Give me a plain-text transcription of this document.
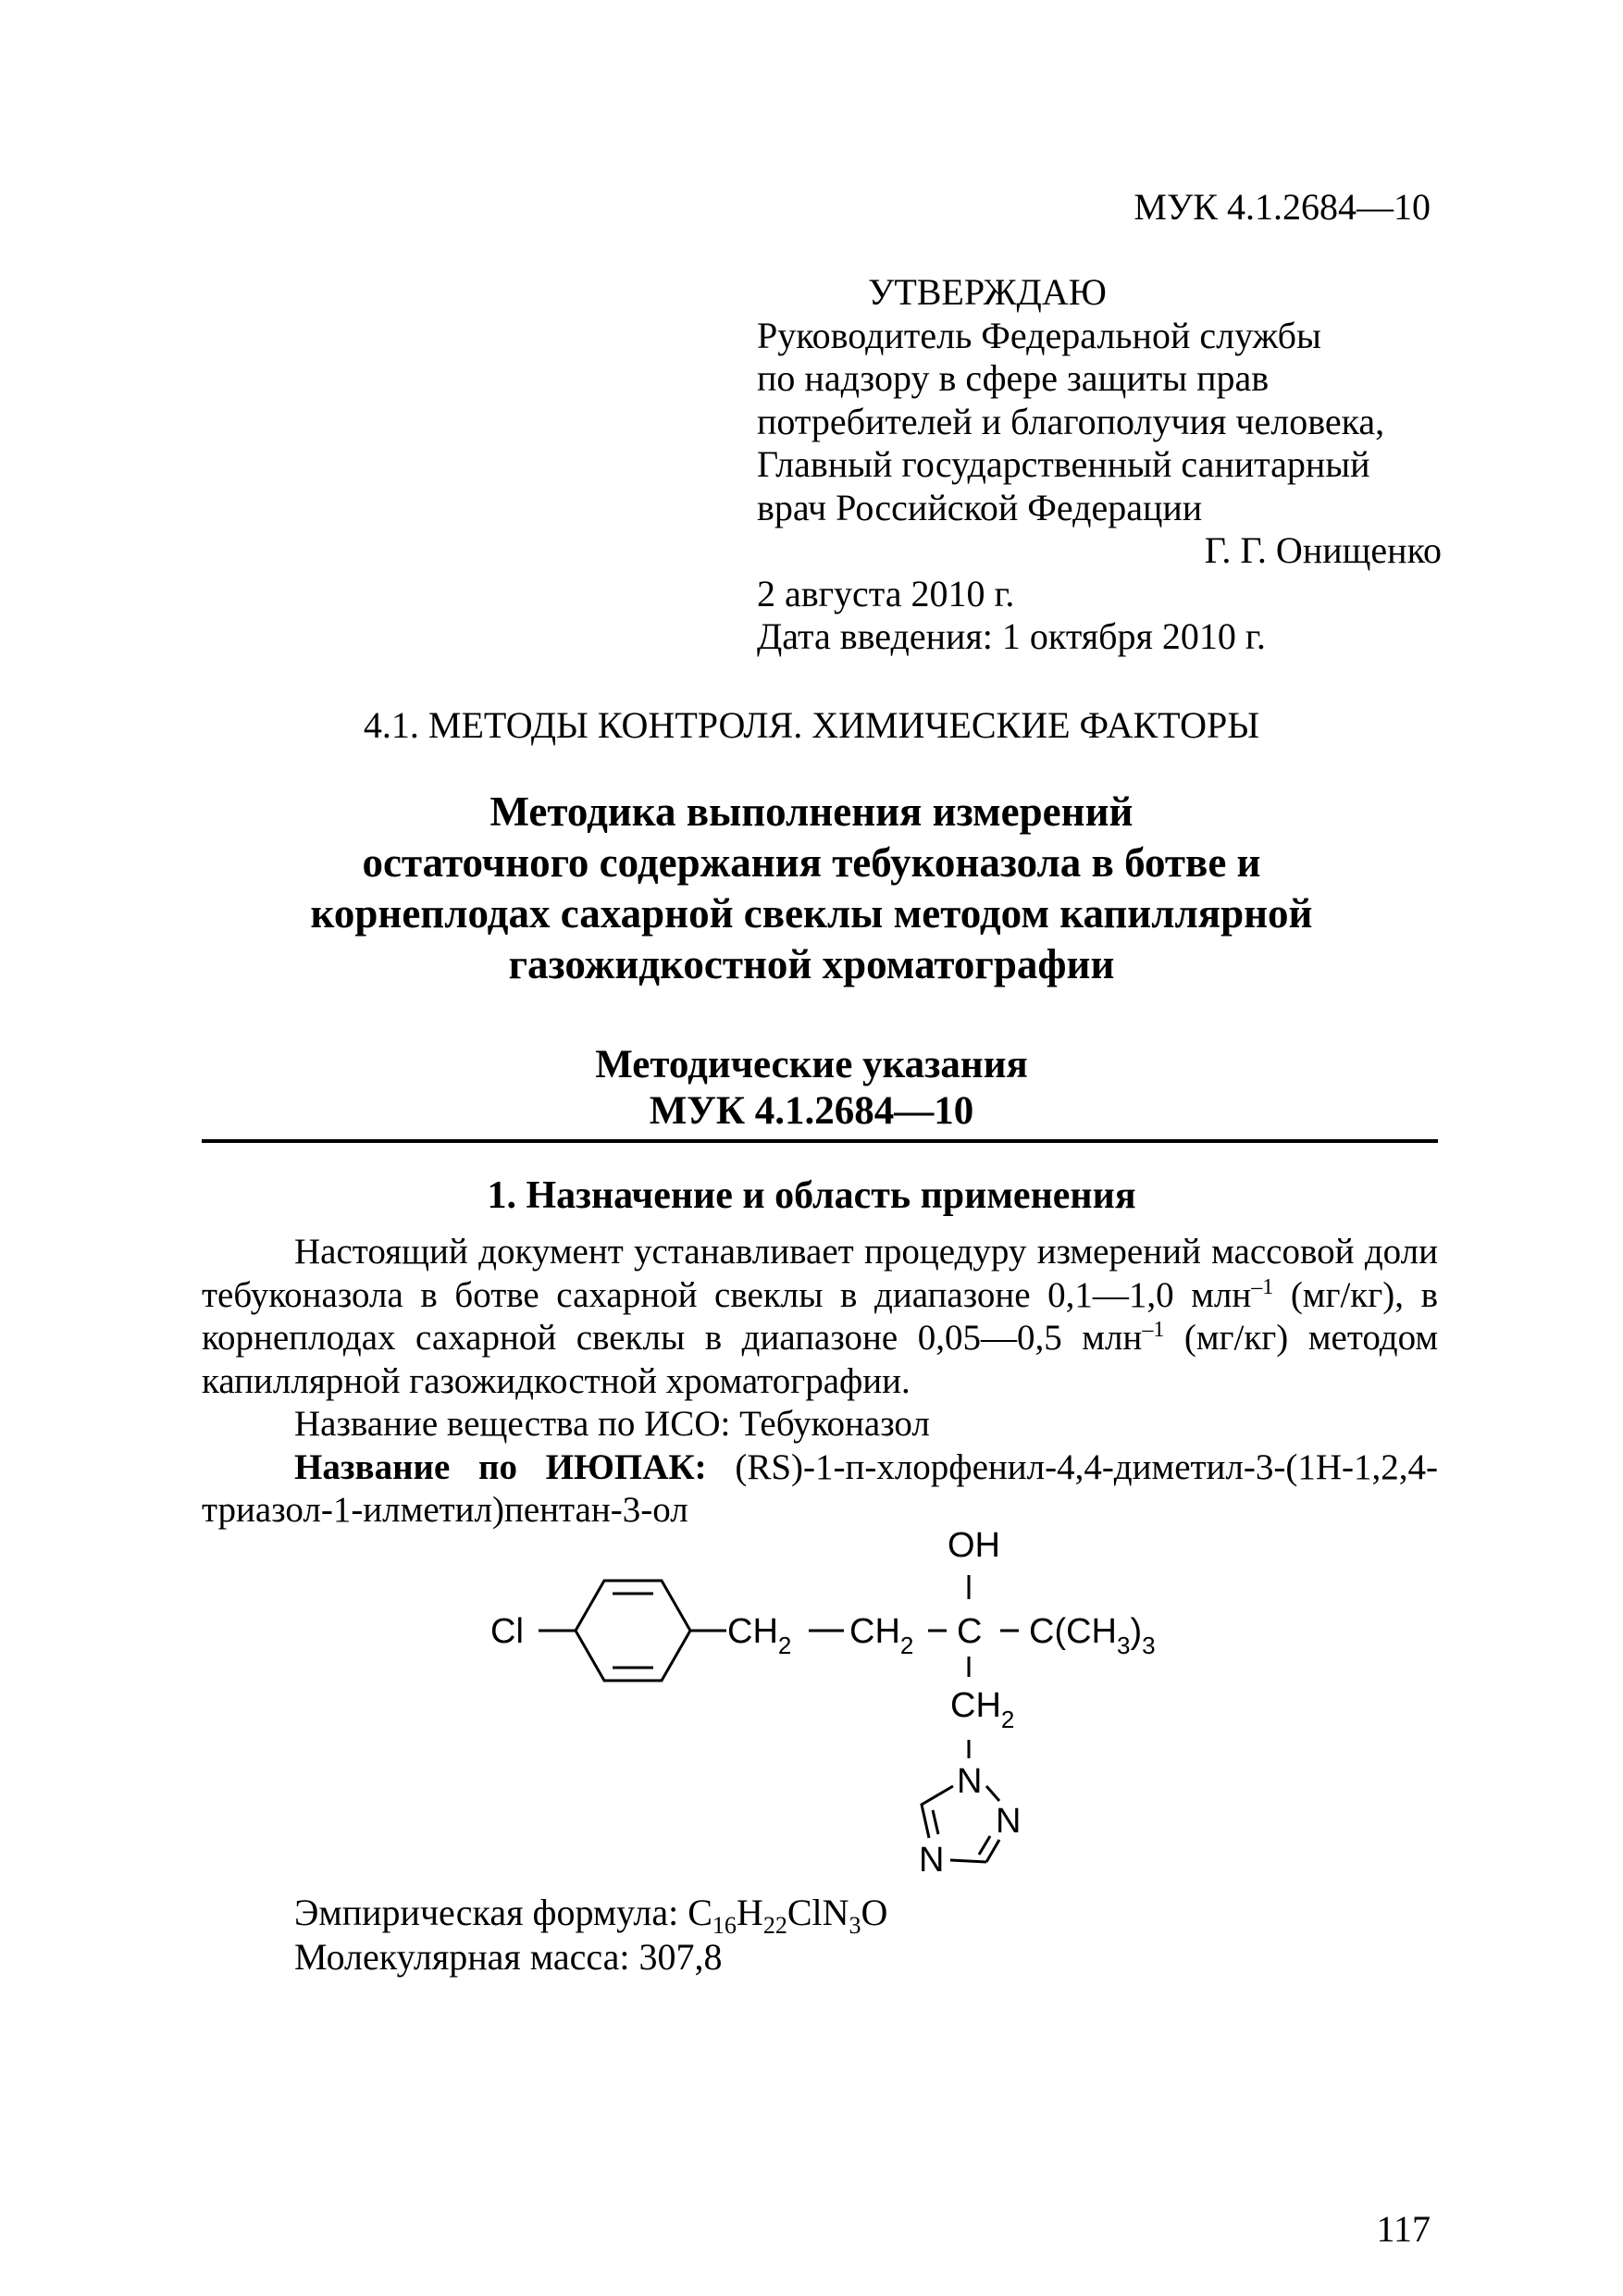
МУК 4.1.2684—10
УТВЕРЖДАЮ
Руководитель Федеральной службы
по надзору в сфере защиты прав
потребителей и благополучия человека,
Главный государственный санитарный
врач Российской Федерации
Г. Г. Онищенко
2 августа 2010 г.
Дата введения: 1 октября 2010 г.
4.1. МЕТОДЫ КОНТРОЛЯ. ХИМИЧЕСКИЕ ФАКТОРЫ
Методика выполнения измерений
остаточного содержания тебуконазола в ботве и
корнеплодах сахарной свеклы методом капиллярной
газожидкостной хроматографии
Методические указания
МУК 4.1.2684—10
1. Назначение и область применения

Настоящий документ устанавливает процедуру измерений массовой доли тебуконазола в ботве сахарной свеклы в диапазоне 0,1—1,0 млн$^{-1}$ (мг/кг), в корнеплодах сахарной свеклы в диапазоне 0,05—0,5 млн$^{-1}$ (мг/кг) методом капиллярной газожидкостной хроматографии.

Название вещества по ИСО: Тебуконазол

Название по ИЮПАК: (RS)-1-п-хлорфенил-4,4-диметил-3-(1Н-1,2,4-триазол-1-илметил)пентан-3-ол

Cl	$CH_2$ $CH_2$ C $C(CH_3)_3$
OH
$CH_2$
N
N
N
Эмпирическая формула: $C_{16}H_{22}ClN_3O$
Молекулярная масса: 307,8
117
